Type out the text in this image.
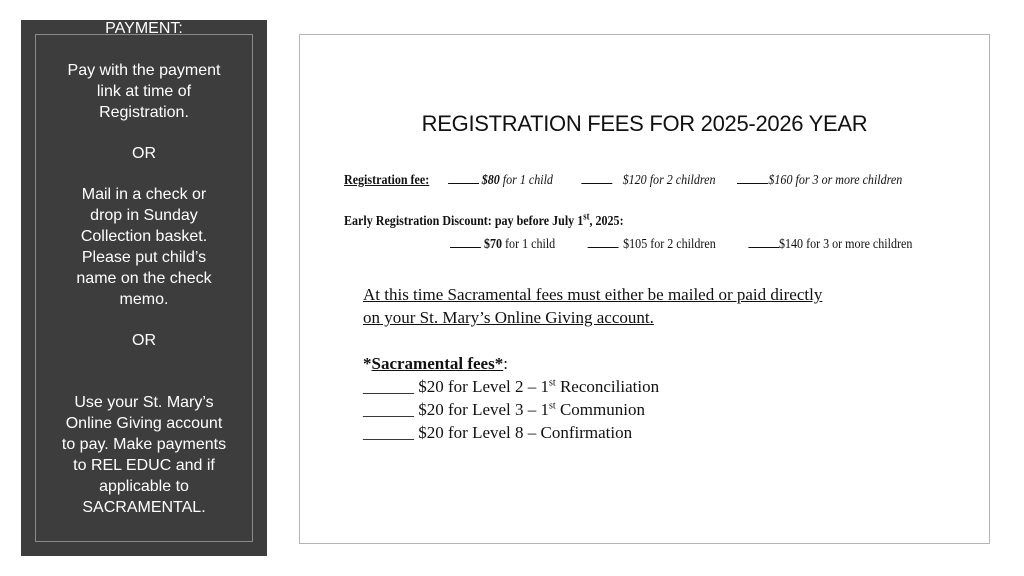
PAYMENT:
Pay with the payment
link at time of
Registration.
OR
Mail in a check or
drop in Sunday
Collection basket.
Please put child’s
name on the check
memo.
OR
Use your St. Mary’s
Online Giving account
to pay. Make payments
to REL EDUC and if
applicable to
SACRAMENTAL.
REGISTRATION FEES FOR 2025-2026 YEAR
Registration fee:	$80 for 1 child	$120 for 2 children	$160 for 3 or more children
Early Registration Discount: pay before July 1st, 2025:
$70 for 1 child	$105 for 2 children	$140 for 3 or more children
At this time Sacramental fees must either be mailed or paid directly
on your St. Mary’s Online Giving account.
*Sacramental fees*:
______ $20 for Level 2 – 1st Reconciliation
______ $20 for Level 3 – 1st Communion
______ $20 for Level 8 – Confirmation
